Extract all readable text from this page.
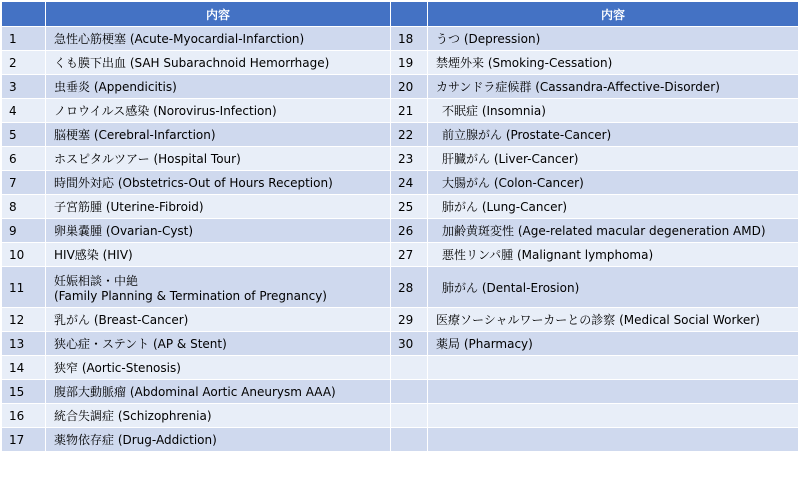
	内容		内容
1	急性心筋梗塞 (Acute-Myocardial-Infarction)	18	うつ (Depression)
2	くも膜下出血 (SAH Subarachnoid Hemorrhage)	19	禁煙外来 (Smoking-Cessation)
3	虫垂炎 (Appendicitis)	20	カサンドラ症候群 (Cassandra-Affective-Disorder)
4	ノロウイルス感染 (Norovirus-Infection)	21	不眠症 (Insomnia)
5	脳梗塞 (Cerebral-Infarction)	22	前立腺がん (Prostate-Cancer)
6	ホスピタルツアー (Hospital Tour)	23	肝臓がん (Liver-Cancer)
7	時間外対応 (Obstetrics-Out of Hours Reception)	24	大腸がん (Colon-Cancer)
8	子宮筋腫 (Uterine-Fibroid)	25	肺がん (Lung-Cancer)
9	卵巣嚢腫 (Ovarian-Cyst)	26	加齢黄斑変性 (Age-related macular degeneration AMD)
10	HIV感染 (HIV)	27	悪性リンパ腫 (Malignant lymphoma)
11	妊娠相談・中絶
(Family Planning & Termination of Pregnancy)	28	肺がん (Dental-Erosion)
12	乳がん (Breast-Cancer)	29	医療ソーシャルワーカーとの診察 (Medical Social Worker)
13	狭心症・ステント (AP & Stent)	30	薬局 (Pharmacy)
14	狭窄 (Aortic-Stenosis)		
15	腹部大動脈瘤 (Abdominal Aortic Aneurysm AAA)		
16	統合失調症 (Schizophrenia)		
17	薬物依存症 (Drug-Addiction)		
